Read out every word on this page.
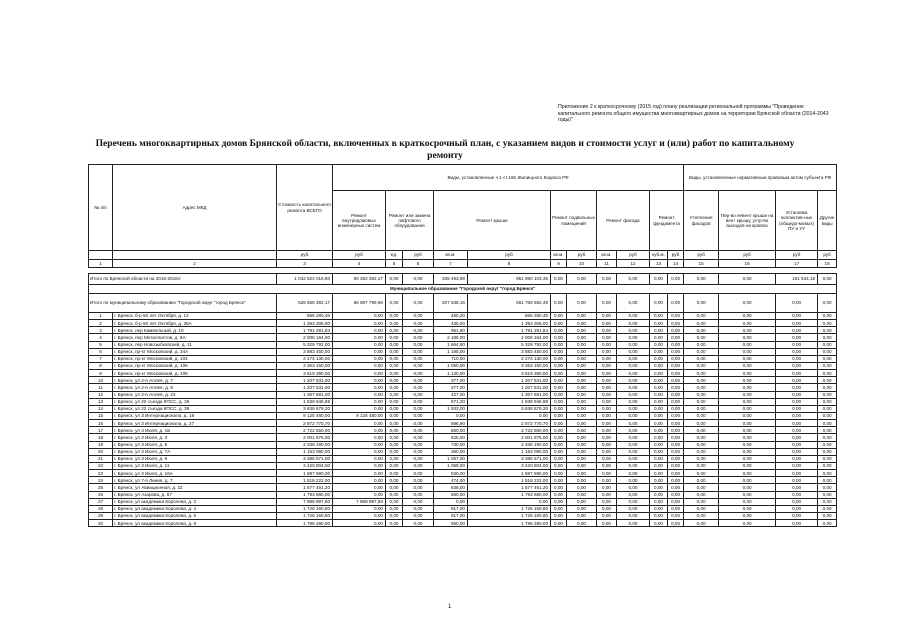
Приложение 2 к краткосрочному (2015 год) плану реализации региональной программы "Проведение капитального ремонта общего имущества многоквартирных домов на территории Брянской области (2014-2043 годы)"
Перечень многоквартирных домов Брянской области, включенных в краткосрочный план, с указанием видов и стоимости услуг и (или) работ по капитальному ремонту
№ п/п	Адрес МКД	Стоимость капитального ремонта ВСЕГО	Виды, установленные ч.1 ст.166 Жилищного Кодекса РФ											Виды, установленные нормативным правовым актом субъекта РФ			
			Ремонт внутридомовых инженерных систем	Ремонт или замена лифтового оборудования		Ремонт крыши		Ремонт подвальных помещений		Ремонт фасада		Ремонт фундамента		Утепление фасадов	Пер-во невент крыши на вент крышу, устр-во выходов на кровлю	Установка коллектив-ных (общедо-мовых) ПУ и УУ	Другие виды
		руб	руб	ед.	руб	кв.м.	руб	кв.м.	руб	кв.м.	руб	куб.м.	руб	руб	руб	руб	руб
1	2	3	4	5	6	7	8	9	10	11	12	13	14	15	16	17	18

Итого по Брянской области на 2015-2016гг		1 042 524 019,80	90 382 382,27	0,00	0,00	339 493,99	951 980 103,35	0,00	0,00	0,00	0,00	0,00	0,00	0,00	0,00	161 534,18	0,00
Муниципальное образование "Городской округ "город Брянск"																	
Итого по муниципальному образованию "Городской округ "город Брянск"		626 656 392,17	66 987 799,68	0,00	0,00	207 538,16	561 768 592,49	0,00	0,00	0,00	0,00	0,00	0,00	0,00	0,00	0,00	0,00
1	г. Брянск, б-р 50 лет Октября, д. 14	866 280,48	0,00	0,00	0,00	460,20	866 280,48	0,00	0,00	0,00	0,00	0,00	0,00	0,00	0,00	0,00	0,00
2	г. Брянск, б-р 50 лет Октября, д. 35А	1 393 305,00	0,00	0,00	0,00	435,00	1 393 305,00	0,00	0,00	0,00	0,00	0,00	0,00	0,00	0,00	0,00	0,00
3	г. Брянск, пер Камвольный, д. 10	1 791 291,84	0,00	0,00	0,00	951,60	1 791 291,84	0,00	0,00	0,00	0,00	0,00	0,00	0,00	0,00	0,00	0,00
4	г. Брянск, пер Металлистов, д. 8А	2 008 164,00	0,00	0,00	0,00	2 186,00	2 008 164,00	0,00	0,00	0,00	0,00	0,00	0,00	0,00	0,00	0,00	0,00
5	г. Брянск, пер Новозыбковский, д. 11	5 329 792,00	0,00	0,00	0,00	1 664,80	5 329 792,00	0,00	0,00	0,00	0,00	0,00	0,00	0,00	0,00	0,00	0,00
6	г. Брянск, пр-кт Московский, д. 34А	3 883 450,00	0,00	0,00	0,00	1 195,00	3 883 450,00	0,00	0,00	0,00	0,00	0,00	0,00	0,00	0,00	0,00	0,00
7	г. Брянск, пр-кт Московский, д. 104	2 274 130,00	0,00	0,00	0,00	710,00	2 274 130,00	0,00	0,00	0,00	0,00	0,00	0,00	0,00	0,00	0,00	0,00
8	г. Брянск, пр-кт Московский, д. 106	3 363 150,00	0,00	0,00	0,00	1 050,00	3 363 150,00	0,00	0,00	0,00	0,00	0,00	0,00	0,00	0,00	0,00	0,00
9	г. Брянск, пр-кт Московский, д. 108	3 619 390,00	0,00	0,00	0,00	1 130,00	3 619 390,00	0,00	0,00	0,00	0,00	0,00	0,00	0,00	0,00	0,00	0,00
10	г. Брянск, ул 2-я Аллея, д. 7	1 207 531,00	0,00	0,00	0,00	377,00	1 207 531,00	0,00	0,00	0,00	0,00	0,00	0,00	0,00	0,00	0,00	0,00
11	г. Брянск, ул 2-я Аллея, д. 9	1 207 531,00	0,00	0,00	0,00	377,00	1 207 531,00	0,00	0,00	0,00	0,00	0,00	0,00	0,00	0,00	0,00	0,00
12	г. Брянск, ул 2-я Аллея, д. 23	1 367 681,00	0,00	0,00	0,00	427,00	1 367 681,00	0,00	0,00	0,00	0,00	0,00	0,00	0,00	0,00	0,00	0,00
13	г. Брянск, ул 22 съезда КПСС, д. 35	1 639 946,88	0,00	0,00	0,00	871,20	1 639 946,88	0,00	0,00	0,00	0,00	0,00	0,00	0,00	0,00	0,00	0,00
14	г. Брянск, ул 22 съезда КПСС, д. 39	3 638 679,20	0,00	0,00	0,00	1 933,00	3 638 679,20	0,00	0,00	0,00	0,00	0,00	0,00	0,00	0,00	0,00	0,00
15	г. Брянск, ул 3 Интернационала, д. 19	9 125 480,00	9 125 480,00	0,00	0,00	0,00	0,00	0,00	0,00	0,00	0,00	0,00	0,00	0,00	0,00	0,00	0,00
16	г. Брянск, ул 3 Интернационала, д. 27	2 872 770,70	0,00	0,00	0,00	896,90	2 872 770,70	0,00	0,00	0,00	0,00	0,00	0,00	0,00	0,00	0,00	0,00
17	г. Брянск, ул 3 Июля, д. 1Б	2 722 550,00	0,00	0,00	0,00	850,00	2 722 550,00	0,00	0,00	0,00	0,00	0,00	0,00	0,00	0,00	0,00	0,00
18	г. Брянск, ул 3 Июля, д. 3	2 001 875,00	0,00	0,00	0,00	625,00	2 001 875,00	0,00	0,00	0,00	0,00	0,00	0,00	0,00	0,00	0,00	0,00
19	г. Брянск, ул 3 Июля, д. 5	2 338 190,00	0,00	0,00	0,00	730,00	2 338 190,00	0,00	0,00	0,00	0,00	0,00	0,00	0,00	0,00	0,00	0,00
20	г. Брянск, ул 3 Июля, д. 7А	1 153 080,00	0,00	0,00	0,00	360,00	1 153 080,00	0,00	0,00	0,00	0,00	0,00	0,00	0,00	0,00	0,00	0,00
21	г. Брянск, ул 3 Июля, д. 9	3 385 571,00	0,00	0,00	0,00	1 057,00	3 385 571,00	0,00	0,00	0,00	0,00	0,00	0,00	0,00	0,00	0,00	0,00
22	г. Брянск, ул 3 Июля, д. 11	3 420 804,00	0,00	0,00	0,00	1 068,00	3 420 804,00	0,00	0,00	0,00	0,00	0,00	0,00	0,00	0,00	0,00	0,00
23	г. Брянск, ул 3 Июля, д. 16А	1 697 590,00	0,00	0,00	0,00	530,00	1 697 590,00	0,00	0,00	0,00	0,00	0,00	0,00	0,00	0,00	0,00	0,00
24	г. Брянск, ул 7-я Линия, д. 7	1 518 222,00	0,00	0,00	0,00	474,00	1 518 222,00	0,00	0,00	0,00	0,00	0,00	0,00	0,00	0,00	0,00	0,00
25	г. Брянск, ул Авиационная, д. 22	1 577 451,20	0,00	0,00	0,00	838,00	1 577 451,20	0,00	0,00	0,00	0,00	0,00	0,00	0,00	0,00	0,00	0,00
26	г. Брянск, ул Азарова, д. 57	1 793 680,00	0,00	0,00	0,00	560,00	1 793 680,00	0,00	0,00	0,00	0,00	0,00	0,00	0,00	0,00	0,00	0,00
27	г. Брянск, ул академика Королева, д. 2	7 989 997,60	7 989 997,60	0,00	0,00	0,00	0,00	0,00	0,00	0,00	0,00	0,00	0,00	0,00	0,00	0,00	0,00
28	г. Брянск, ул академика Королева, д. 4	1 726 160,80	0,00	0,00	0,00	917,00	1 726 160,80	0,00	0,00	0,00	0,00	0,00	0,00	0,00	0,00	0,00	0,00
29	г. Брянск, ул академика Королева, д. 5	1 726 160,80	0,00	0,00	0,00	917,00	1 726 160,80	0,00	0,00	0,00	0,00	0,00	0,00	0,00	0,00	0,00	0,00
30	г. Брянск, ул академика Королева, д. 8	1 788 280,00	0,00	0,00	0,00	950,00	1 788 280,00	0,00	0,00	0,00	0,00	0,00	0,00	0,00	0,00	0,00	0,00
1
